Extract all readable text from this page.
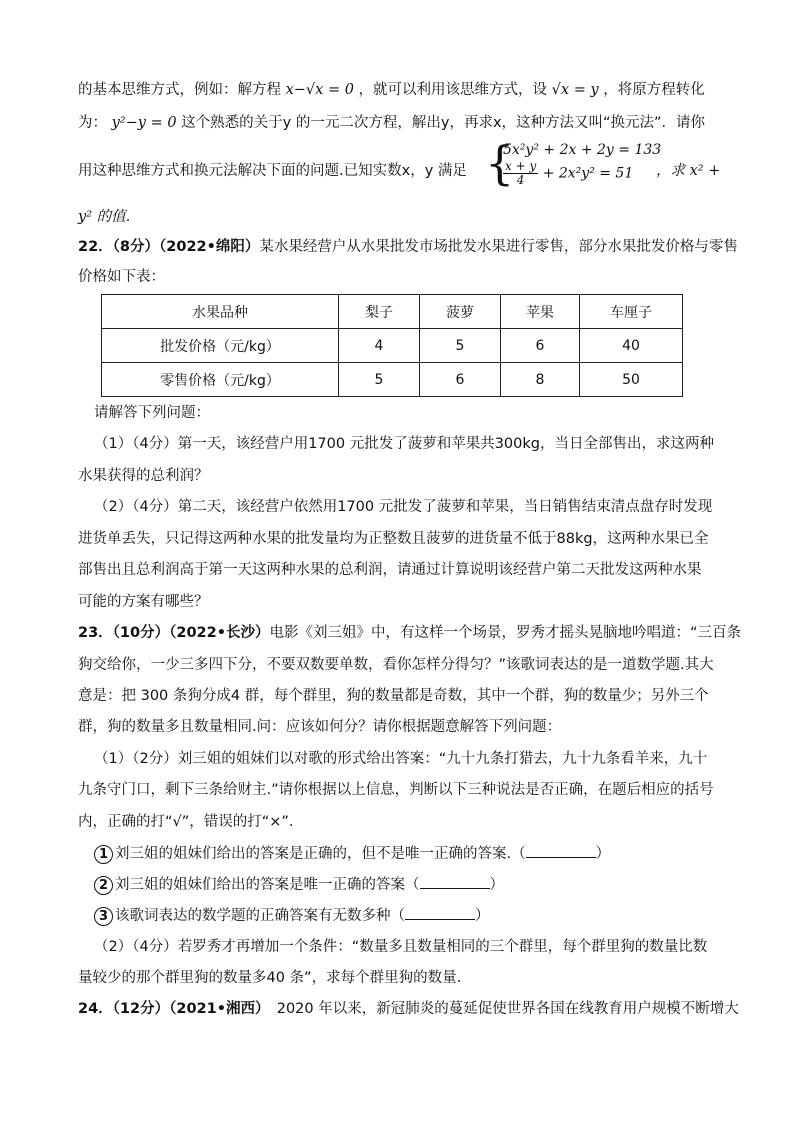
的基本思维方式，例如：解方程 x−√x = 0 ，就可以利用该思维方式，设 √x = y ，将原方程转化
为： y²−y = 0 这个熟悉的关于y 的一元二次方程，解出y，再求x，这种方法又叫“换元法”．请你
用这种思维方式和换元法解决下面的问题.已知实数x，y 满足 {
5x²y² + 2x + 2y = 133
$\frac{x + y}{4} + 2x^2y^2 = 51$ ，求 x² +
y² 的值．
22．（8分）（2022•绵阳）某水果经营户从水果批发市场批发水果进行零售，部分水果批发价格与零售
价格如下表：
水果品种	梨子	菠萝	苹果	车厘子
批发价格（元/kg）	4	5	6	40
零售价格（元/kg）	5	6	8	50
请解答下列问题：
（1）（4分）第一天，该经营户用1700 元批发了菠萝和苹果共300kg，当日全部售出，求这两种
水果获得的总利润？
（2）（4分）第二天，该经营户依然用1700 元批发了菠萝和苹果，当日销售结束清点盘存时发现
进货单丢失，只记得这两种水果的批发量均为正整数且菠萝的进货量不低于88kg，这两种水果已全
部售出且总利润高于第一天这两种水果的总利润，请通过计算说明该经营户第二天批发这两种水果
可能的方案有哪些？
23．（10分）（2022•长沙）电影《刘三姐》中，有这样一个场景，罗秀才摇头晃脑地吟唱道：“三百条
狗交给你，一少三多四下分，不要双数要单数，看你怎样分得匀？”该歌词表达的是一道数学题.其大
意是：把 300 条狗分成4 群，每个群里，狗的数量都是奇数，其中一个群，狗的数量少；另外三个
群，狗的数量多且数量相同.问：应该如何分？请你根据题意解答下列问题：
（1）（2分）刘三姐的姐妹们以对歌的形式给出答案：“九十九条打猎去，九十九条看羊来，九十
九条守门口，剩下三条给财主.”请你根据以上信息，判断以下三种说法是否正确，在题后相应的括号
内，正确的打“√”，错误的打“×”.
1 刘三姐的姐妹们给出的答案是正确的，但不是唯一正确的答案.（	）
2 刘三姐的姐妹们给出的答案是唯一正确的答案（	）
3 该歌词表达的数学题的正确答案有无数多种（	）
（2）（4分）若罗秀才再增加一个条件：“数量多且数量相同的三个群里，每个群里狗的数量比数
量较少的那个群里狗的数量多40 条”，求每个群里狗的数量.
24．（12分）（2021•湘西）　2020 年以来，新冠肺炎的蔓延促使世界各国在线教育用户规模不断增大
